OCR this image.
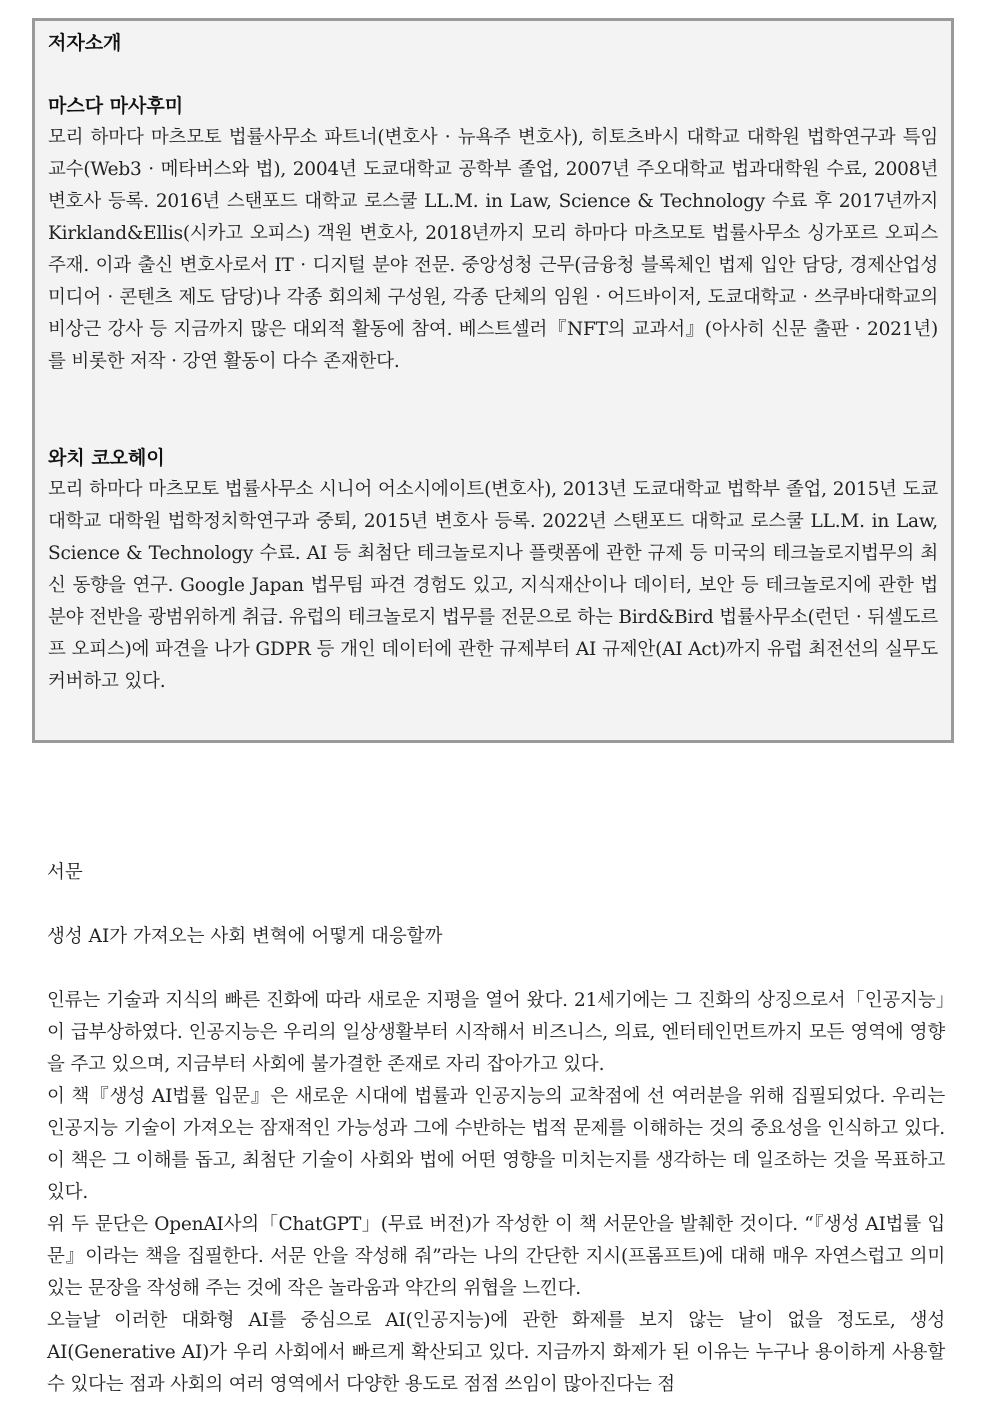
저자소개

마스다 마사후미

모리 하마다 마츠모토 법률사무소 파트너(변호사 · 뉴욕주 변호사), 히토츠바시 대학교 대학원 법학연구과 특임 교수(Web3 · 메타버스와 법), 2004년 도쿄대학교 공학부 졸업, 2007년 주오대학교 법과대학원 수료, 2008년 변호사 등록. 2016년 스탠포드 대학교 로스쿨 LL.M. in Law, Science & Technology 수료 후 2017년까지 Kirkland&Ellis(시카고 오피스) 객원 변호사, 2018년까지 모리 하마다 마츠모토 법률사무소 싱가포르 오피스 주재. 이과 출신 변호사로서 IT · 디지털 분야 전문. 중앙성청 근무(금융청 블록체인 법제 입안 담당, 경제산업성 미디어 · 콘텐츠 제도 담당)나 각종 회의체 구성원, 각종 단체의 임원 · 어드바이저, 도쿄대학교 · 쓰쿠바대학교의 비상근 강사 등 지금까지 많은 대외적 활동에 참여. 베스트셀러『NFT의 교과서』(아사히 신문 출판 · 2021년)를 비롯한 저작 · 강연 활동이 다수 존재한다.

와치 코오헤이

모리 하마다 마츠모토 법률사무소 시니어 어소시에이트(변호사), 2013년 도쿄대학교 법학부 졸업, 2015년 도쿄대학교 대학원 법학정치학연구과 중퇴, 2015년 변호사 등록. 2022년 스탠포드 대학교 로스쿨 LL.M. in Law, Science & Technology 수료. AI 등 최첨단 테크놀로지나 플랫폼에 관한 규제 등 미국의 테크놀로지법무의 최신 동향을 연구. Google Japan 법무팀 파견 경험도 있고, 지식재산이나 데이터, 보안 등 테크놀로지에 관한 법 분야 전반을 광범위하게 취급. 유럽의 테크놀로지 법무를 전문으로 하는 Bird&Bird 법률사무소(런던 · 뒤셀도르프 오피스)에 파견을 나가 GDPR 등 개인 데이터에 관한 규제부터 AI 규제안(AI Act)까지 유럽 최전선의 실무도 커버하고 있다.

서문

생성 AI가 가져오는 사회 변혁에 어떻게 대응할까

인류는 기술과 지식의 빠른 진화에 따라 새로운 지평을 열어 왔다. 21세기에는 그 진화의 상징으로서「인공지능」이 급부상하였다. 인공지능은 우리의 일상생활부터 시작해서 비즈니스, 의료, 엔터테인먼트까지 모든 영역에 영향을 주고 있으며, 지금부터 사회에 불가결한 존재로 자리 잡아가고 있다.

이 책『생성 AI법률 입문』은 새로운 시대에 법률과 인공지능의 교착점에 선 여러분을 위해 집필되었다. 우리는 인공지능 기술이 가져오는 잠재적인 가능성과 그에 수반하는 법적 문제를 이해하는 것의 중요성을 인식하고 있다. 이 책은 그 이해를 돕고, 최첨단 기술이 사회와 법에 어떤 영향을 미치는지를 생각하는 데 일조하는 것을 목표하고 있다.

위 두 문단은 OpenAI사의「ChatGPT」(무료 버전)가 작성한 이 책 서문안을 발췌한 것이다. “『생성 AI법률 입문』이라는 책을 집필한다. 서문 안을 작성해 줘”라는 나의 간단한 지시(프롬프트)에 대해 매우 자연스럽고 의미 있는 문장을 작성해 주는 것에 작은 놀라움과 약간의 위협을 느낀다.

오늘날 이러한 대화형 AI를 중심으로 AI(인공지능)에 관한 화제를 보지 않는 날이 없을 정도로, 생성 AI(Generative AI)가 우리 사회에서 빠르게 확산되고 있다. 지금까지 화제가 된 이유는 누구나 용이하게 사용할 수 있다는 점과 사회의 여러 영역에서 다양한 용도로 점점 쓰임이 많아진다는 점
